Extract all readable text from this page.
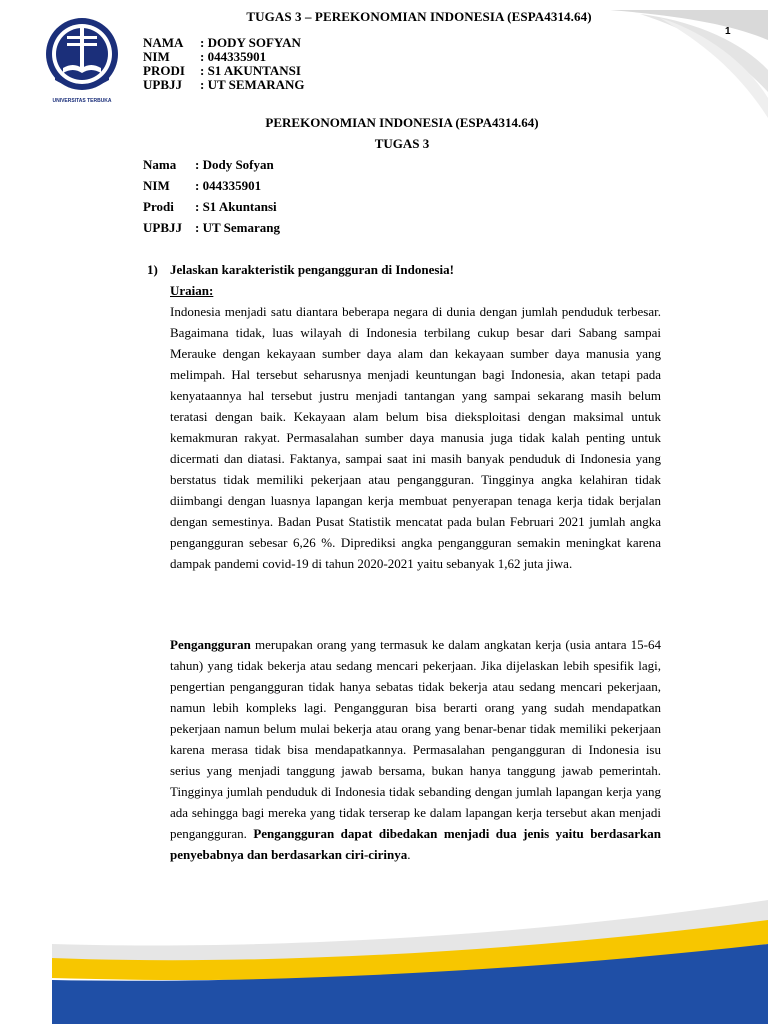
UNIVERSITAS TERBUKA
TUGAS 3 – PEREKONOMIAN INDONESIA (ESPA4314.64)
1
NAMA	: DODY SOFYAN
NIM	: 044335901
PRODI	: S1 AKUNTANSI
UPBJJ	: UT SEMARANG
PEREKONOMIAN INDONESIA (ESPA4314.64)
TUGAS 3
Nama : Dody Sofyan
NIM : 044335901
Prodi : S1 Akuntansi
UPBJJ : UT Semarang
1) Jelaskan karakteristik pengangguran di Indonesia!
Uraian:

Indonesia menjadi satu diantara beberapa negara di dunia dengan jumlah penduduk terbesar. Bagaimana tidak, luas wilayah di Indonesia terbilang cukup besar dari Sabang sampai Merauke dengan kekayaan sumber daya alam dan kekayaan sumber daya manusia yang melimpah. Hal tersebut seharusnya menjadi keuntungan bagi Indonesia, akan tetapi pada kenyataannya hal tersebut justru menjadi tantangan yang sampai sekarang masih belum teratasi dengan baik. Kekayaan alam belum bisa dieksploitasi dengan maksimal untuk kemakmuran rakyat. Permasalahan sumber daya manusia juga tidak kalah penting untuk dicermati dan diatasi. Faktanya, sampai saat ini masih banyak penduduk di Indonesia yang berstatus tidak memiliki pekerjaan atau pengangguran. Tingginya angka kelahiran tidak diimbangi dengan luasnya lapangan kerja membuat penyerapan tenaga kerja tidak berjalan dengan semestinya. Badan Pusat Statistik mencatat pada bulan Februari 2021 jumlah angka pengangguran sebesar 6,26 %. Diprediksi angka pengangguran semakin meningkat karena dampak pandemi covid-19 di tahun 2020-2021 yaitu sebanyak 1,62 juta jiwa.

Pengangguran merupakan orang yang termasuk ke dalam angkatan kerja (usia antara 15-64 tahun) yang tidak bekerja atau sedang mencari pekerjaan. Jika dijelaskan lebih spesifik lagi, pengertian pengangguran tidak hanya sebatas tidak bekerja atau sedang mencari pekerjaan, namun lebih kompleks lagi. Pengangguran bisa berarti orang yang sudah mendapatkan pekerjaan namun belum mulai bekerja atau orang yang benar-benar tidak memiliki pekerjaan karena merasa tidak bisa mendapatkannya. Permasalahan pengangguran di Indonesia isu serius yang menjadi tanggung jawab bersama, bukan hanya tanggung jawab pemerintah. Tingginya jumlah penduduk di Indonesia tidak sebanding dengan jumlah lapangan kerja yang ada sehingga bagi mereka yang tidak terserap ke dalam lapangan kerja tersebut akan menjadi pengangguran. Pengangguran dapat dibedakan menjadi dua jenis yaitu berdasarkan penyebabnya dan berdasarkan ciri-cirinya.
